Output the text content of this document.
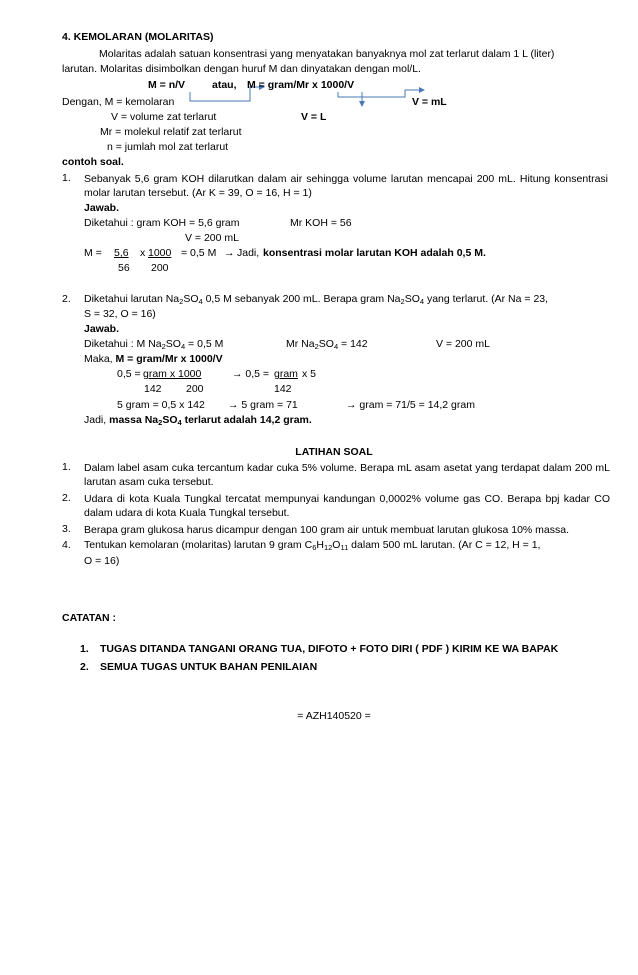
4. KEMOLARAN (MOLARITAS)
Molaritas adalah satuan konsentrasi yang menyatakan banyaknya mol zat terlarut dalam 1 L (liter)
larutan. Molaritas disimbolkan dengan huruf M dan dinyatakan dengan mol/L.
M = n/V	atau, M = gram/Mr x 1000/V
V = mL
Dengan, M = kemolaran
V = volume zat terlarut	V = L
Mr = molekul relatif zat terlarut
n = jumlah mol zat terlarut
contoh soal.
1. Sebanyak 5,6 gram KOH dilarutkan dalam air sehingga volume larutan mencapai 200 mL. Hitung konsentrasi molar larutan tersebut. (Ar K = 39, O = 16, H = 1)
Jawab.
Diketahui : gram KOH = 5,6 gram	Mr KOH = 56
V = 200 mL
M = 5,6 x 1000 = 0,5 M → Jadi, konsentrasi molar larutan KOH adalah 0,5 M.
56 200
2. Diketahui larutan $Na_2SO_4$ 0,5 M sebanyak 200 mL. Berapa gram $Na_2SO_4$ yang terlarut. (Ar Na = 23,
S = 32, O = 16)
Jawab.
Diketahui : M $Na_2SO_4 = 0,5$ M	Mr $Na_2SO_4 = 142$	V = 200 mL
Maka, M = gram/Mr x 1000/V
0,5 = gram x 1000	→ 0,5 = gram x 5
142 200	142
5 gram = 0,5 x 142 → 5 gram = 71	→ gram = 71/5 = 14,2 gram
Jadi, massa $Na_2SO_4$ terlarut adalah 14,2 gram.
LATIHAN SOAL
1. Dalam label asam cuka tercantum kadar cuka 5% volume. Berapa mL asam asetat yang terdapat dalam 200 mL larutan asam cuka tersebut.
2. Udara di kota Kuala Tungkal tercatat mempunyai kandungan 0,0002% volume gas CO. Berapa bpj kadar CO dalam udara di kota Kuala Tungkal tersebut.
3. Berapa gram glukosa harus dicampur dengan 100 gram air untuk membuat larutan glukosa 10% massa.
4. Tentukan kemolaran (molaritas) larutan 9 gram $C_6H_{12}O_{11}$ dalam 500 mL larutan. (Ar C = 12, H = 1,
O = 16)
CATATAN :
1. TUGAS DITANDA TANGANI ORANG TUA, DIFOTO + FOTO DIRI ( PDF ) KIRIM KE WA BAPAK
2. SEMUA TUGAS UNTUK BAHAN PENILAIAN
= AZH140520 =
